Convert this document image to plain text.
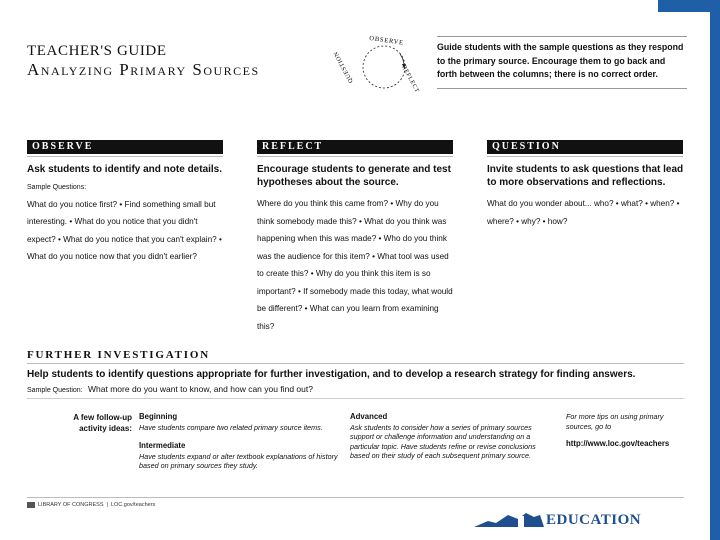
TEACHER'S GUIDE
Analyzing Primary Sources
OBSERVE
REFLECT
QUESTION
Guide students with the sample questions as they respond to the primary source. Encourage them to go back and forth between the columns; there is no correct order.
OBSERVE
Ask students to identify and note details.
Sample Questions:
What do you notice first? • Find something small but interesting. • What do you notice that you didn't expect? • What do you notice that you can't explain? • What do you notice now that you didn't earlier?
REFLECT
Encourage students to generate and test hypotheses about the source.
Where do you think this came from? • Why do you think somebody made this? • What do you think was happening when this was made? • Who do you think was the audience for this item? • What tool was used to create this? • Why do you think this item is so important? • If somebody made this today, what would be different? • What can you learn from examining this?
QUESTION
Invite students to ask questions that lead to more observations and reflections.
What do you wonder about... who? • what? • when? • where? • why? • how?
FURTHER INVESTIGATION
Help students to identify questions appropriate for further investigation, and to develop a research strategy for finding answers.
Sample Question: What more do you want to know, and how can you find out?
A few follow-up activity ideas:
Beginning
Have students compare two related primary source items.
Intermediate
Have students expand or alter textbook explanations of history based on primary sources they study.
Advanced
Ask students to consider how a series of primary sources support or challenge information and understanding on a particular topic. Have students refine or revise conclusions based on their study of each subsequent primary source.
For more tips on using primary sources, go to
http://www.loc.gov/teachers
LIBRARY OF CONGRESS | LOC.gov/teachers
EDUCATION
